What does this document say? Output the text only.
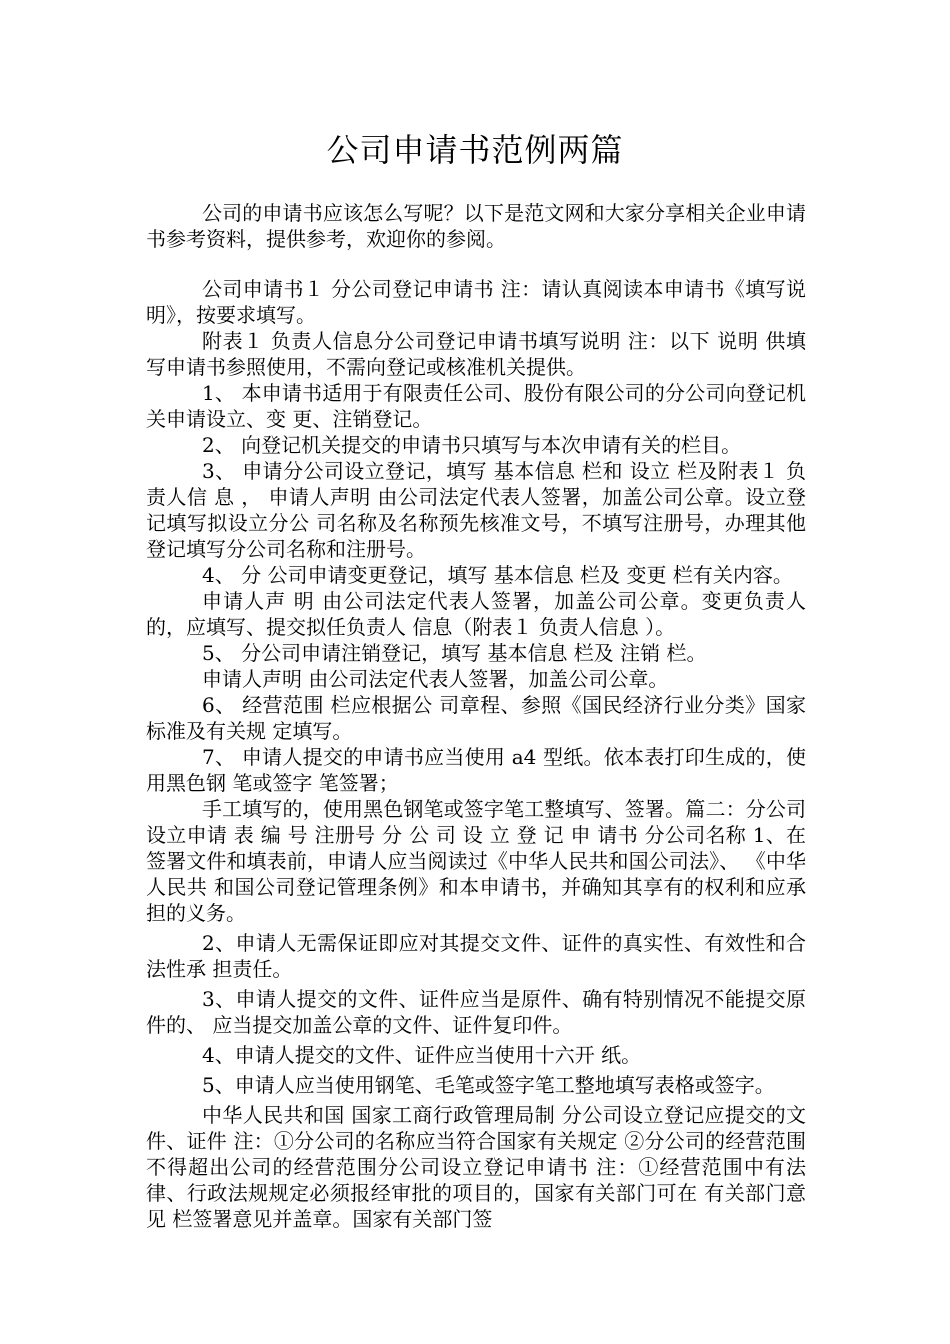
公司申请书范例两篇

公司的申请书应该怎么写呢？以下是范文网和大家分享相关企业申请书参考资料，提供参考，欢迎你的参阅。

公司申请书１ 分公司登记申请书 注：请认真阅读本申请书《填写说明》，按要求填写。

附表１ 负责人信息分公司登记申请书填写说明 注：以下 说明 供填写申请书参照使用，不需向登记或核准机关提供。

1、 本申请书适用于有限责任公司、股份有限公司的分公司向登记机关申请设立、变 更、注销登记。

2、 向登记机关提交的申请书只填写与本次申请有关的栏目。

3、 申请分公司设立登记，填写 基本信息 栏和 设立 栏及附表１ 负责人信 息 ， 申请人声明 由公司法定代表人签署，加盖公司公章。设立登记填写拟设立分公 司名称及名称预先核准文号，不填写注册号，办理其他登记填写分公司名称和注册号。

4、 分 公司申请变更登记，填写 基本信息 栏及 变更 栏有关内容。

申请人声 明 由公司法定代表人签署，加盖公司公章。变更负责人的，应填写、提交拟任负责人 信息（附表１ 负责人信息 ）。

5、 分公司申请注销登记，填写 基本信息 栏及 注销 栏。

申请人声明 由公司法定代表人签署，加盖公司公章。

6、 经营范围 栏应根据公 司章程、参照《国民经济行业分类》国家标准及有关规 定填写。

7、 申请人提交的申请书应当使用 a4 型纸。依本表打印生成的，使用黑色钢 笔或签字 笔签署；

手工填写的，使用黑色钢笔或签字笔工整填写、签署。篇二：分公司设立申请 表 编 号 注册号 分 公 司 设 立 登 记 申 请书 分公司名称 1、在签署文件和填表前，申请人应当阅读过《中华人民共和国公司法》、 《中华人民共 和国公司登记管理条例》和本申请书，并确知其享有的权利和应承担的义务。

2、申请人无需保证即应对其提交文件、证件的真实性、有效性和合法性承 担责任。

3、申请人提交的文件、证件应当是原件、确有特别情况不能提交原件的、 应当提交加盖公章的文件、证件复印件。

4、申请人提交的文件、证件应当使用十六开 纸。

5、申请人应当使用钢笔、毛笔或签字笔工整地填写表格或签字。

中华人民共和国 国家工商行政管理局制 分公司设立登记应提交的文件、证件 注：①分公司的名称应当符合国家有关规定 ②分公司的经营范围不得超出公司的经营范围分公司设立登记申请书 注：①经营范围中有法律、行政法规规定必须报经审批的项目的，国家有关部门可在 有关部门意见 栏签署意见并盖章。国家有关部门签
